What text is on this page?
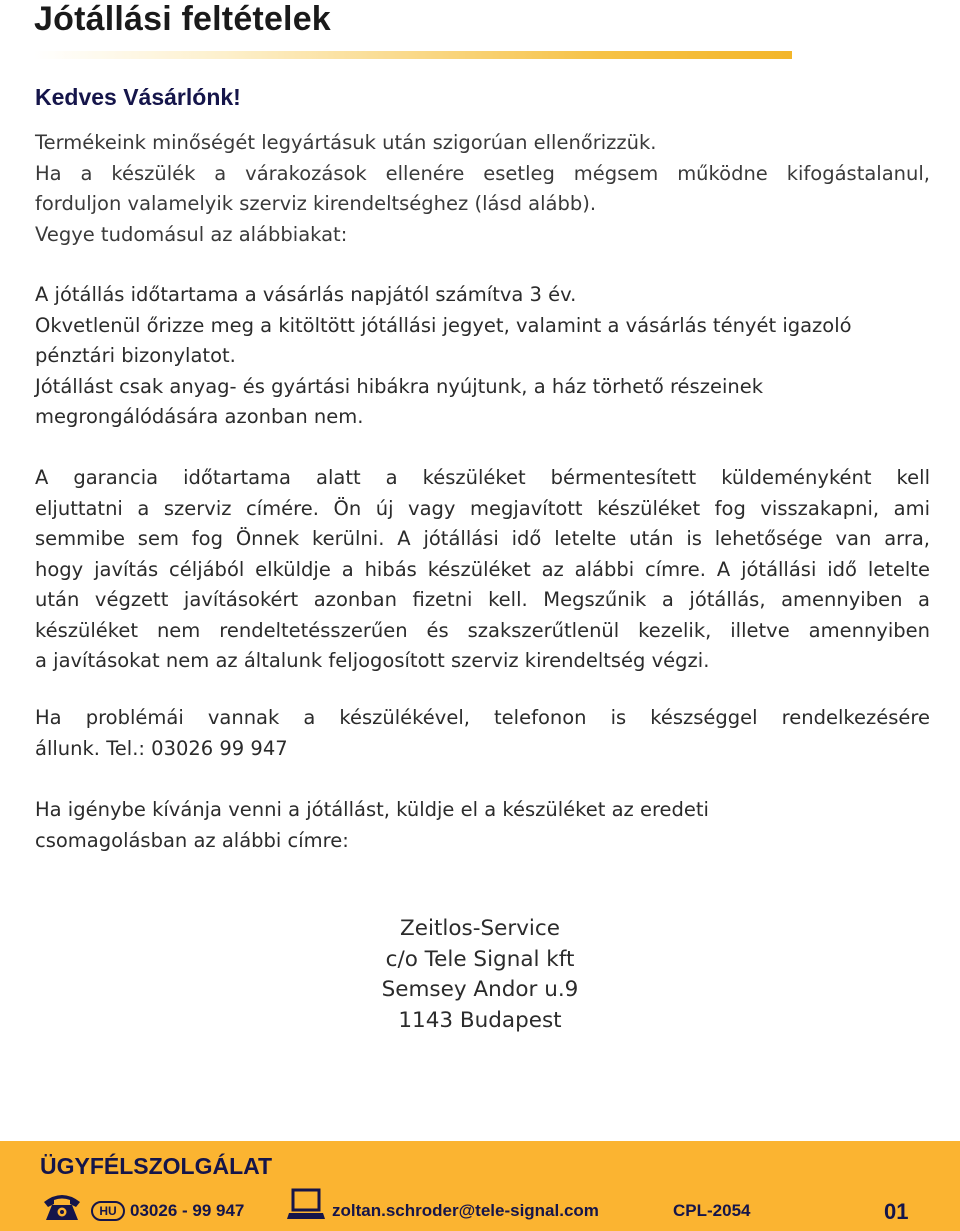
Jótállási feltételek
Kedves Vásárlónk!

Termékeink minőségét legyártásuk után szigorúan ellenőrizzük.
Ha a készülék a várakozások ellenére esetleg mégsem működne kifogástalanul,
forduljon valamelyik szerviz kirendeltséghez (lásd alább).
Vegye tudomásul az alábbiakat:

A jótállás időtartama a vásárlás napjától számítva 3 év.
Okvetlenül őrizze meg a kitöltött jótállási jegyet, valamint a vásárlás tényét igazoló
pénztári bizonylatot.
Jótállást csak anyag- és gyártási hibákra nyújtunk, a ház törhető részeinek
megrongálódására azonban nem.

A garancia időtartama alatt a készüléket bérmentesített küldeményként kell
eljuttatni a szerviz címére. Ön új vagy megjavított készüléket fog visszakapni, ami
semmibe sem fog Önnek kerülni. A jótállási idő letelte után is lehetősége van arra,
hogy javítás céljából elküldje a hibás készüléket az alábbi címre. A jótállási idő letelte
után végzett javításokért azonban fizetni kell. Megszűnik a jótállás, amennyiben a
készüléket nem rendeltetésszerűen és szakszerűtlenül kezelik, illetve amennyiben
a javításokat nem az általunk feljogosított szerviz kirendeltség végzi.

Ha problémái vannak a készülékével, telefonon is készséggel rendelkezésére
állunk. Tel.: 03026 99 947

Ha igénybe kívánja venni a jótállást, küldje el a készüléket az eredeti
csomagolásban az alábbi címre:

Zeitlos-Service
c/o Tele Signal kft
Semsey Andor u.9
1143 Budapest

ÜGYFÉLSZOLGÁLAT
HU 03026 - 99 947	zoltan.schroder@tele-signal.com	CPL-2054	01
